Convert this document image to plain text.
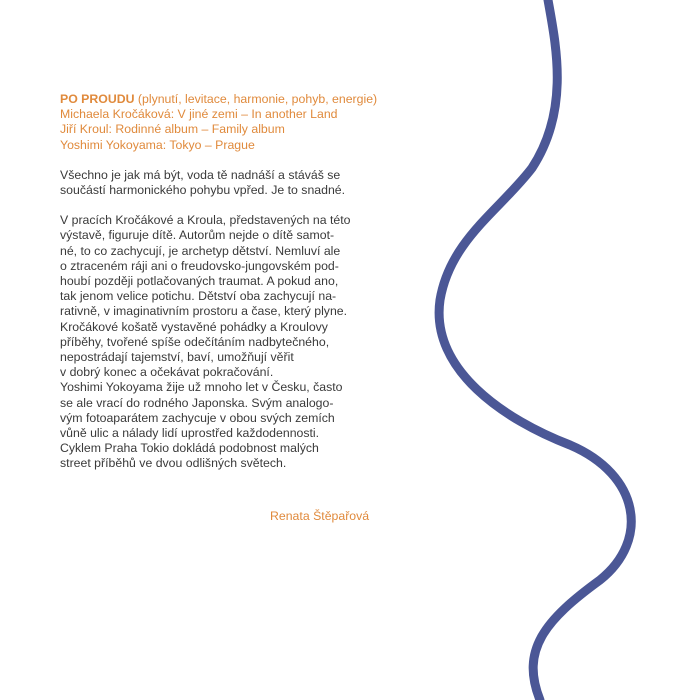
PO PROUDU (plynutí, levitace, harmonie, pohyb, energie)
Michaela Kročáková: V jiné zemi – In another Land
Jiří Kroul: Rodinné album – Family album
Yoshimi Yokoyama: Tokyo – Prague
Všechno je jak má být, voda tě nadnáší a stáváš se
součástí harmonického pohybu vpřed. Je to snadné.
V pracích Kročákové a Kroula, představených na této
výstavě, figuruje dítě. Autorům nejde o dítě samot-
né, to co zachycují, je archetyp dětství. Nemluví ale
o ztraceném ráji ani o freudovsko-jungovském pod-
houbí později potlačovaných traumat. A pokud ano,
tak jenom velice potichu. Dětství oba zachycují na-
rativně, v imaginativním prostoru a čase, který plyne.
Kročákové košatě vystavěné pohádky a Kroulovy
příběhy, tvořené spíše odečítáním nadbytečného,
nepostrádají tajemství, baví, umožňují věřit
v dobrý konec a očekávat pokračování.
Yoshimi Yokoyama žije už mnoho let v Česku, často
se ale vrací do rodného Japonska. Svým analogo-
vým fotoaparátem zachycuje v obou svých zemích
vůně ulic a nálady lidí uprostřed každodennosti.
Cyklem Praha Tokio dokládá podobnost malých
street příběhů ve dvou odlišných světech.
Renata Štěpařová
